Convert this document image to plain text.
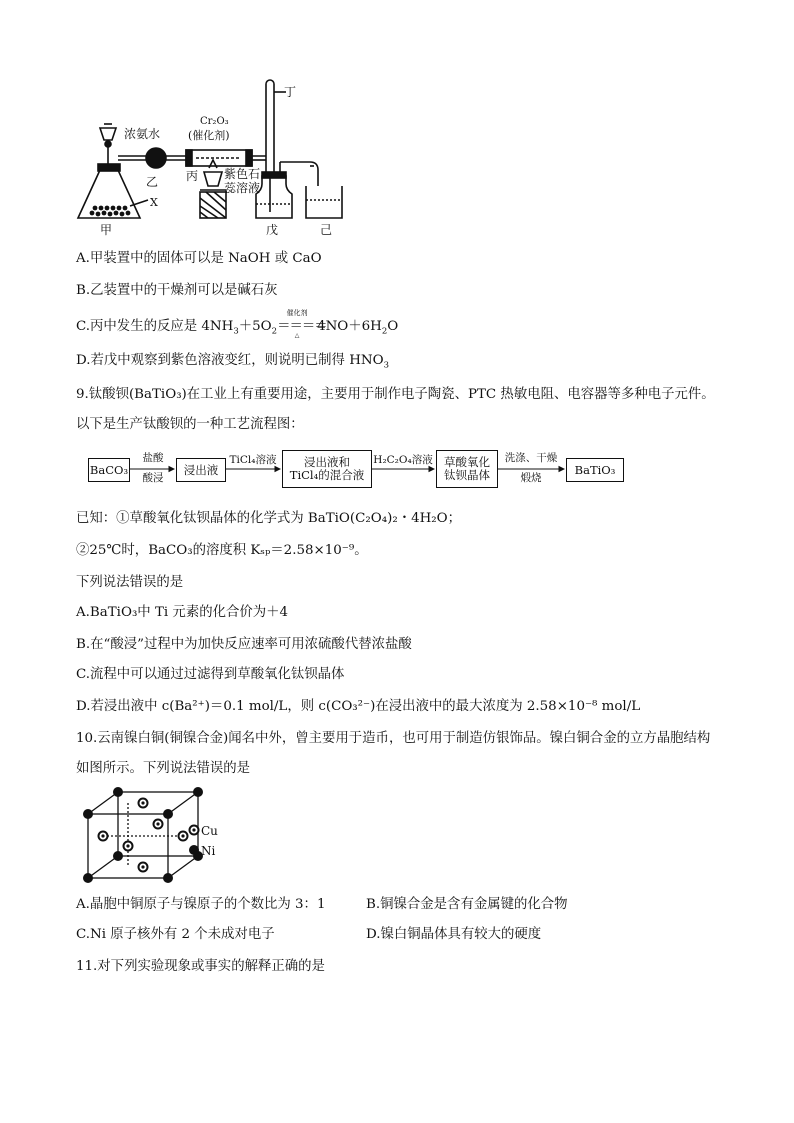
丁
浓氨水
Cr₂O₃
(催化剂)
乙 丙 紫色石
蕊溶液
X
甲	戊	己
A.甲装置中的固体可以是 NaOH 或 CaO
B.乙装置中的干燥剂可以是碱石灰
C.丙中发生的反应是 $4NH_3+5O_2$
催化剂
＝＝＝＝
△
$4NO+6H_2O$
D.若戊中观察到紫色溶液变红，则说明已制得 $HNO_3$
9.钛酸钡(BaTiO₃)在工业上有重要用途，主要用于制作电子陶瓷、PTC 热敏电阻、电容器等多种电子元件。
以下是生产钛酸钡的一种工艺流程图：
BaCO₃
盐酸
酸浸
浸出液
TiCl₄溶液	浸出液和
TiCl₄的混合液
H₂C₂O₄溶液 草酸氧化
钛钡晶体
洗涤、干燥
煅烧
BaTiO₃
已知：①草酸氧化钛钡晶体的化学式为 BaTiO(C₂O₄)₂・4H₂O；
②25℃时，BaCO₃的溶度积 Kₛₚ＝2.58×10⁻⁹。
下列说法错误的是
A.BaTiO₃中 Ti 元素的化合价为＋4
B.在“酸浸”过程中为加快反应速率可用浓硫酸代替浓盐酸
C.流程中可以通过过滤得到草酸氧化钛钡晶体
D.若浸出液中 c(Ba²⁺)＝0.1 mol/L，则 c(CO₃²⁻)在浸出液中的最大浓度为 2.58×10⁻⁸ mol/L
10.云南镍白铜(铜镍合金)闻名中外，曾主要用于造币，也可用于制造仿银饰品。镍白铜合金的立方晶胞结构
如图所示。下列说法错误的是
Cu
Ni
A.晶胞中铜原子与镍原子的个数比为 3：1	B.铜镍合金是含有金属键的化合物
C.Ni 原子核外有 2 个未成对电子	D.镍白铜晶体具有较大的硬度
11.对下列实验现象或事实的解释正确的是
